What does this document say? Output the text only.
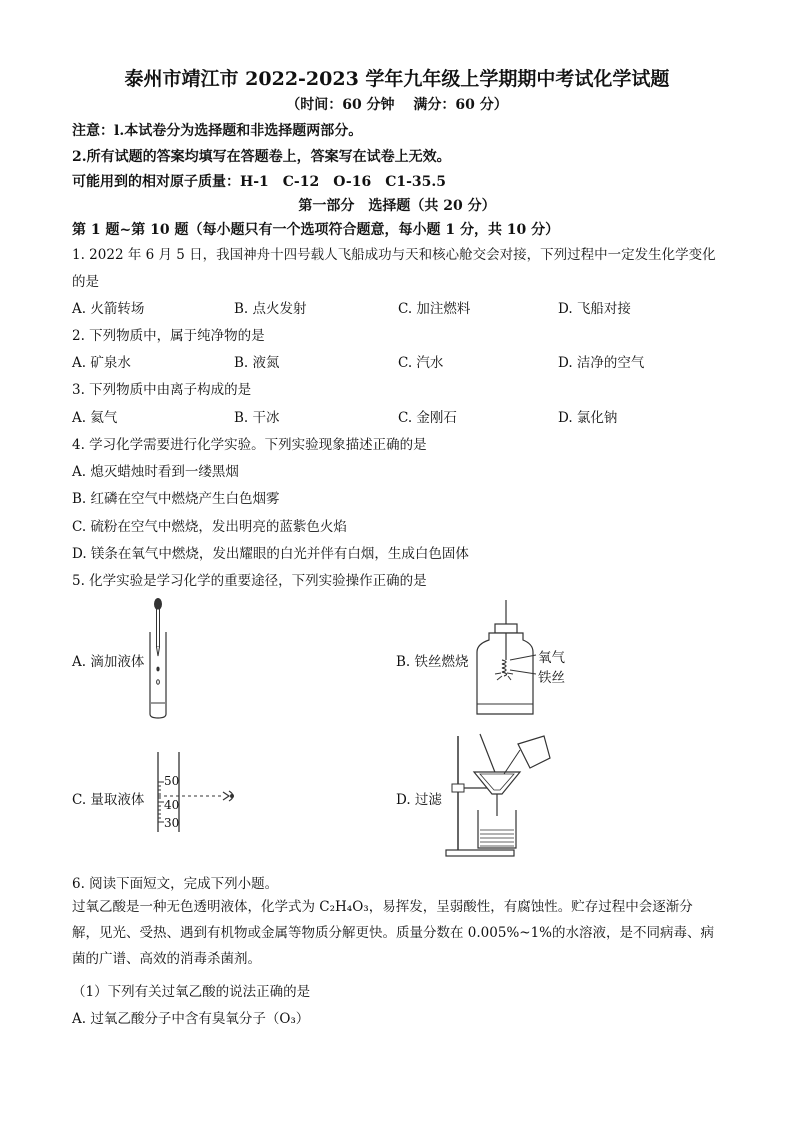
泰州市靖江市 2022-2023 学年九年级上学期期中考试化学试题
（时间：60 分钟　 满分：60 分）
注意：l.本试卷分为选择题和非选择题两部分。
2.所有试题的答案均填写在答题卷上，答案写在试卷上无效。
可能用到的相对原子质量：H-1　C-12　O-16　C1-35.5
第一部分　选择题（共 20 分）
第 1 题~第 10 题（每小题只有一个选项符合题意，每小题 1 分，共 10 分）
1. 2022 年 6 月 5 日，我国神舟十四号载人飞船成功与天和核心舱交会对接，下列过程中一定发生化学变化
的是
A. 火箭转场	B. 点火发射	C. 加注燃料	D. 飞船对接
2. 下列物质中，属于纯净物的是
A. 矿泉水	B. 液氮	C. 汽水	D. 洁净的空气
3. 下列物质中由离子构成的是
A. 氦气	B. 干冰	C. 金刚石	D. 氯化钠
4. 学习化学需要进行化学实验。下列实验现象描述正确的是
A. 熄灭蜡烛时看到一缕黑烟
B. 红磷在空气中燃烧产生白色烟雾
C. 硫粉在空气中燃烧，发出明亮的蓝紫色火焰
D. 镁条在氧气中燃烧，发出耀眼的白光并伴有白烟，生成白色固体
5. 化学实验是学习化学的重要途径，下列实验操作正确的是
A. 滴加液体	B. 铁丝燃烧	氧气
铁丝
C. 量取液体
50
40
30
D. 过滤
6. 阅读下面短文，完成下列小题。
过氧乙酸是一种无色透明液体，化学式为 C₂H₄O₃，易挥发，呈弱酸性，有腐蚀性。贮存过程中会逐渐分
解，见光、受热、遇到有机物或金属等物质分解更快。质量分数在 0.005%~1%的水溶液，是不同病毒、病
菌的广谱、高效的消毒杀菌剂。
（1）下列有关过氧乙酸的说法正确的是
A. 过氧乙酸分子中含有臭氧分子（O₃）
